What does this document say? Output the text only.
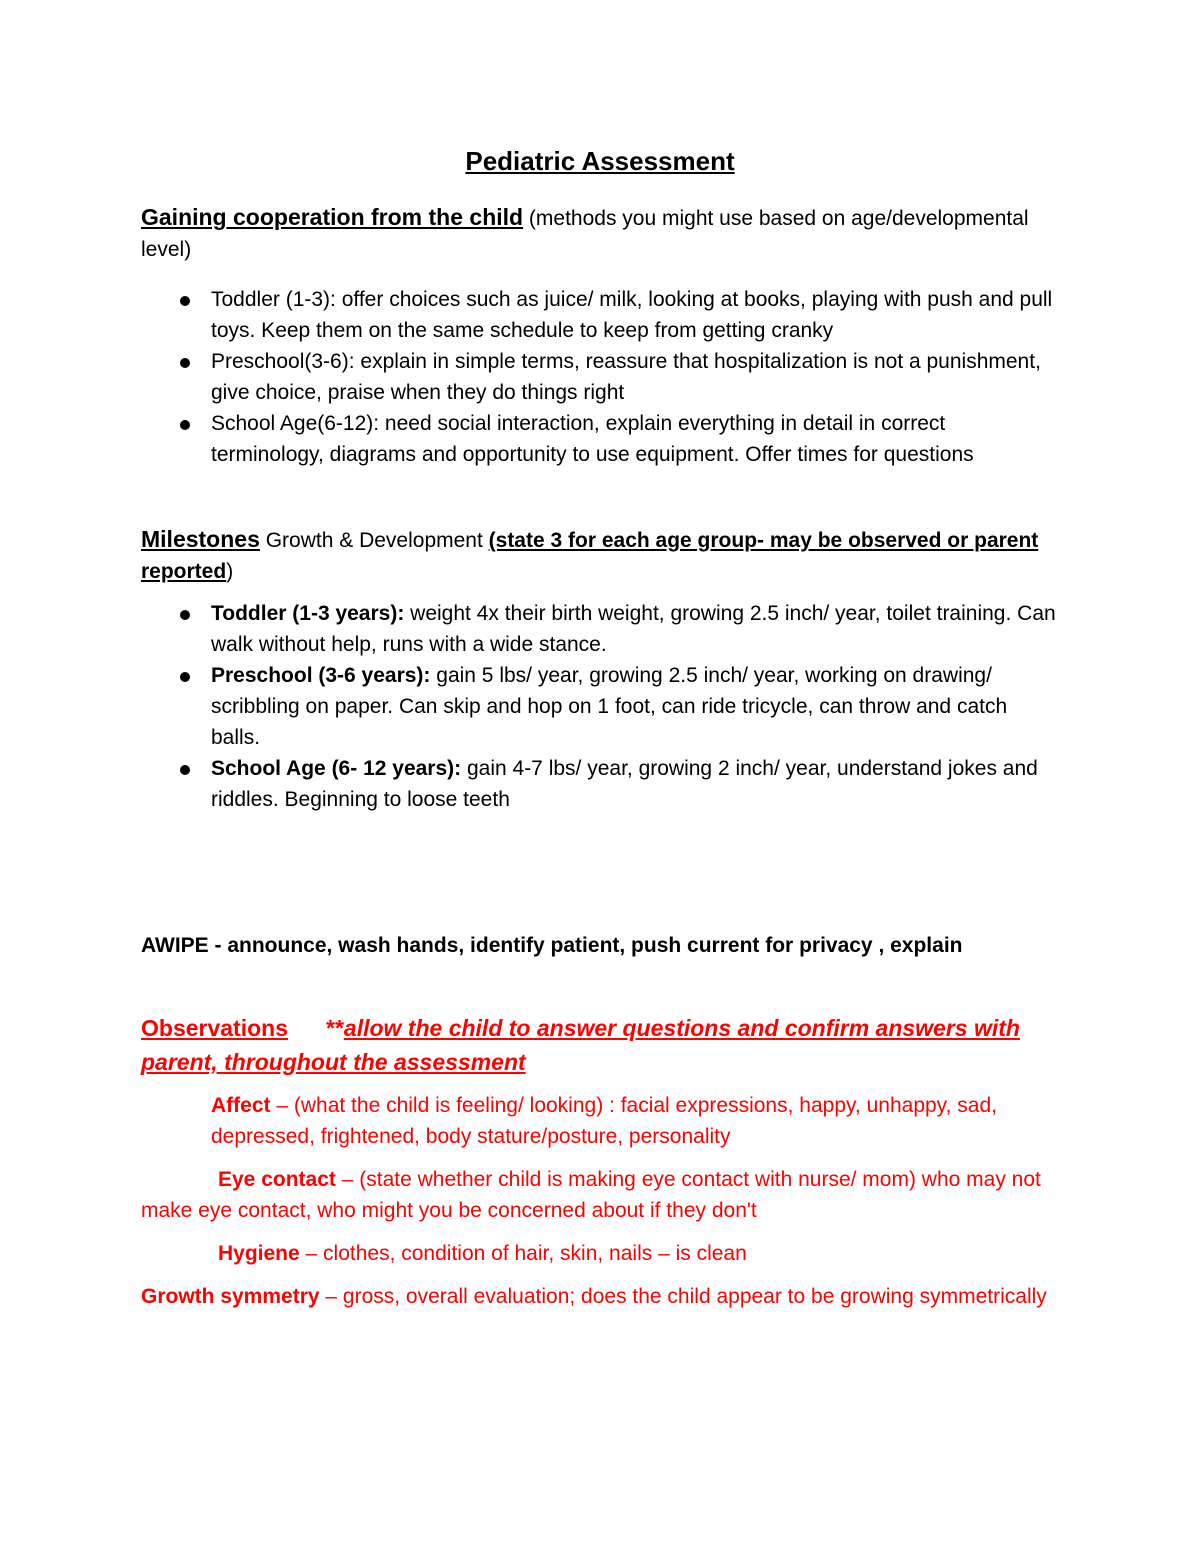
Pediatric Assessment
Gaining cooperation from the child (methods you might use based on age/developmental level)
Toddler (1-3): offer choices such as juice/ milk, looking at books, playing with push and pull toys. Keep them on the same schedule to keep from getting cranky
Preschool(3-6): explain in simple terms, reassure that hospitalization is not a punishment, give choice, praise when they do things right
School Age(6-12): need social interaction, explain everything in detail in correct terminology, diagrams and opportunity to use equipment. Offer times for questions
Milestones Growth & Development (state 3 for each age group- may be observed or parent reported)
Toddler (1-3 years): weight 4x their birth weight, growing 2.5 inch/ year, toilet training. Can walk without help, runs with a wide stance.
Preschool (3-6 years): gain 5 lbs/ year, growing 2.5 inch/ year, working on drawing/ scribbling on paper. Can skip and hop on 1 foot, can ride tricycle, can throw and catch balls.
School Age (6- 12 years): gain 4-7 lbs/ year, growing 2 inch/ year, understand jokes and riddles. Beginning to loose teeth
AWIPE - announce, wash hands, identify patient, push current for privacy , explain
Observations **allow the child to answer questions and confirm answers with parent, throughout the assessment
Affect – (what the child is feeling/ looking) : facial expressions, happy, unhappy, sad, depressed, frightened, body stature/posture, personality
Eye contact – (state whether child is making eye contact with nurse/ mom) who may not make eye contact, who might you be concerned about if they don't
Hygiene – clothes, condition of hair, skin, nails – is clean
Growth symmetry – gross, overall evaluation; does the child appear to be growing symmetrically
